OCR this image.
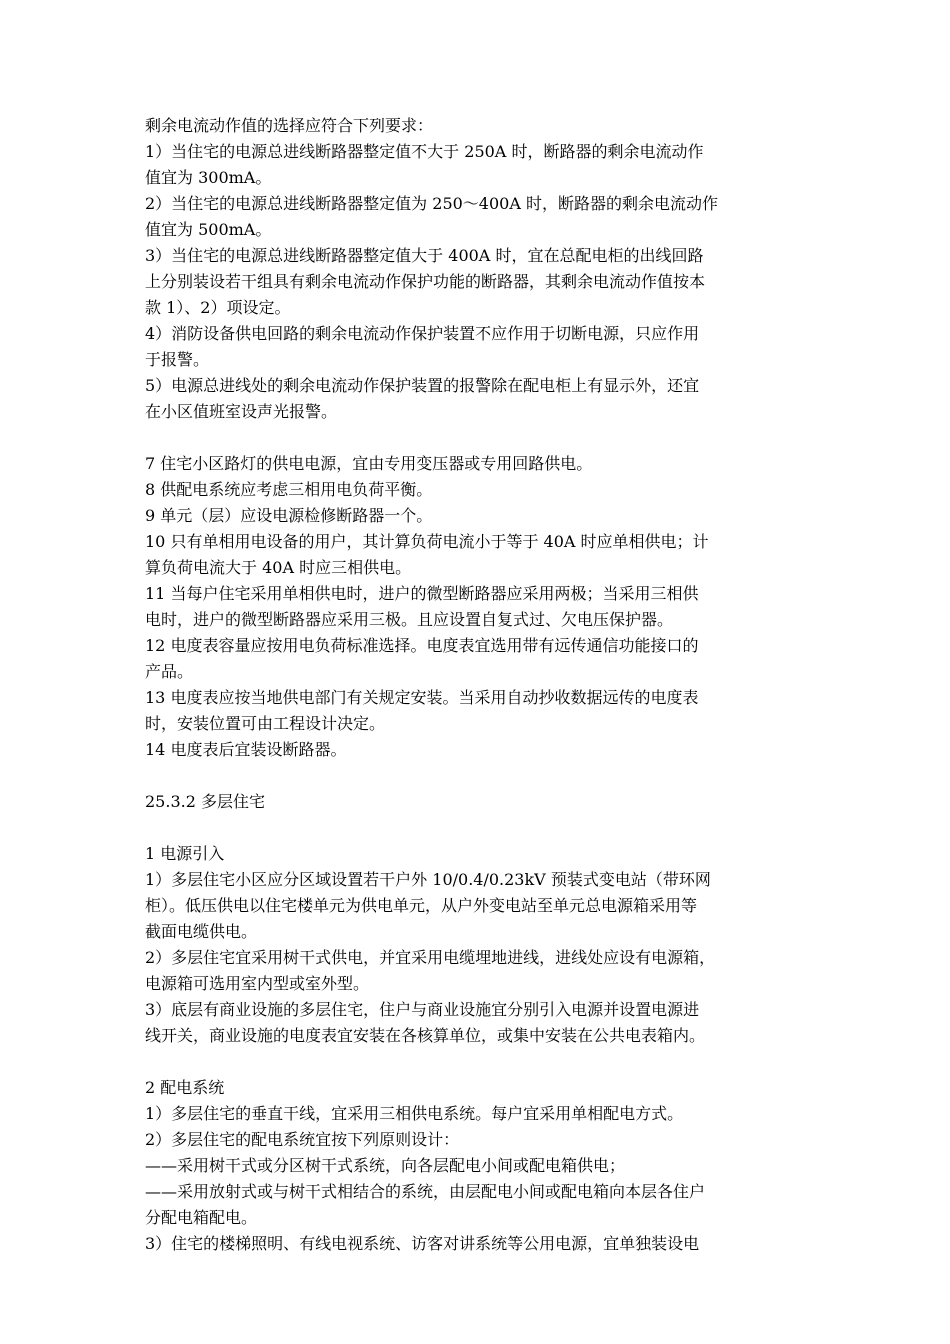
剩余电流动作值的选择应符合下列要求：
1）当住宅的电源总进线断路器整定值不大于 250A 时，断路器的剩余电流动作
值宜为 300mA。
2）当住宅的电源总进线断路器整定值为 250～400A 时，断路器的剩余电流动作
值宜为 500mA。
3）当住宅的电源总进线断路器整定值大于 400A 时，宜在总配电柜的出线回路
上分别装设若干组具有剩余电流动作保护功能的断路器，其剩余电流动作值按本
款 1）、2）项设定。
4）消防设备供电回路的剩余电流动作保护装置不应作用于切断电源，只应作用
于报警。
5）电源总进线处的剩余电流动作保护装置的报警除在配电柜上有显示外，还宜
在小区值班室设声光报警。
7 住宅小区路灯的供电电源，宜由专用变压器或专用回路供电。
8 供配电系统应考虑三相用电负荷平衡。
9 单元（层）应设电源检修断路器一个。
10 只有单相用电设备的用户，其计算负荷电流小于等于 40A 时应单相供电；计
算负荷电流大于 40A 时应三相供电。
11 当每户住宅采用单相供电时，进户的微型断路器应采用两极；当采用三相供
电时，进户的微型断路器应采用三极。且应设置自复式过、欠电压保护器。
12 电度表容量应按用电负荷标准选择。电度表宜选用带有远传通信功能接口的
产品。
13 电度表应按当地供电部门有关规定安装。当采用自动抄收数据远传的电度表
时，安装位置可由工程设计决定。
14 电度表后宜装设断路器。
25.3.2 多层住宅
1 电源引入
1）多层住宅小区应分区域设置若干户外 10/0.4/0.23kV 预装式变电站（带环网
柜）。低压供电以住宅楼单元为供电单元，从户外变电站至单元总电源箱采用等
截面电缆供电。
2）多层住宅宜采用树干式供电，并宜采用电缆埋地进线，进线处应设有电源箱，
电源箱可选用室内型或室外型。
3）底层有商业设施的多层住宅，住户与商业设施宜分别引入电源并设置电源进
线开关，商业设施的电度表宜安装在各核算单位，或集中安装在公共电表箱内。
2 配电系统
1）多层住宅的垂直干线，宜采用三相供电系统。每户宜采用单相配电方式。
2）多层住宅的配电系统宜按下列原则设计：
——采用树干式或分区树干式系统，向各层配电小间或配电箱供电；
——采用放射式或与树干式相结合的系统，由层配电小间或配电箱向本层各住户
分配电箱配电。
3）住宅的楼梯照明、有线电视系统、访客对讲系统等公用电源，宜单独装设电
